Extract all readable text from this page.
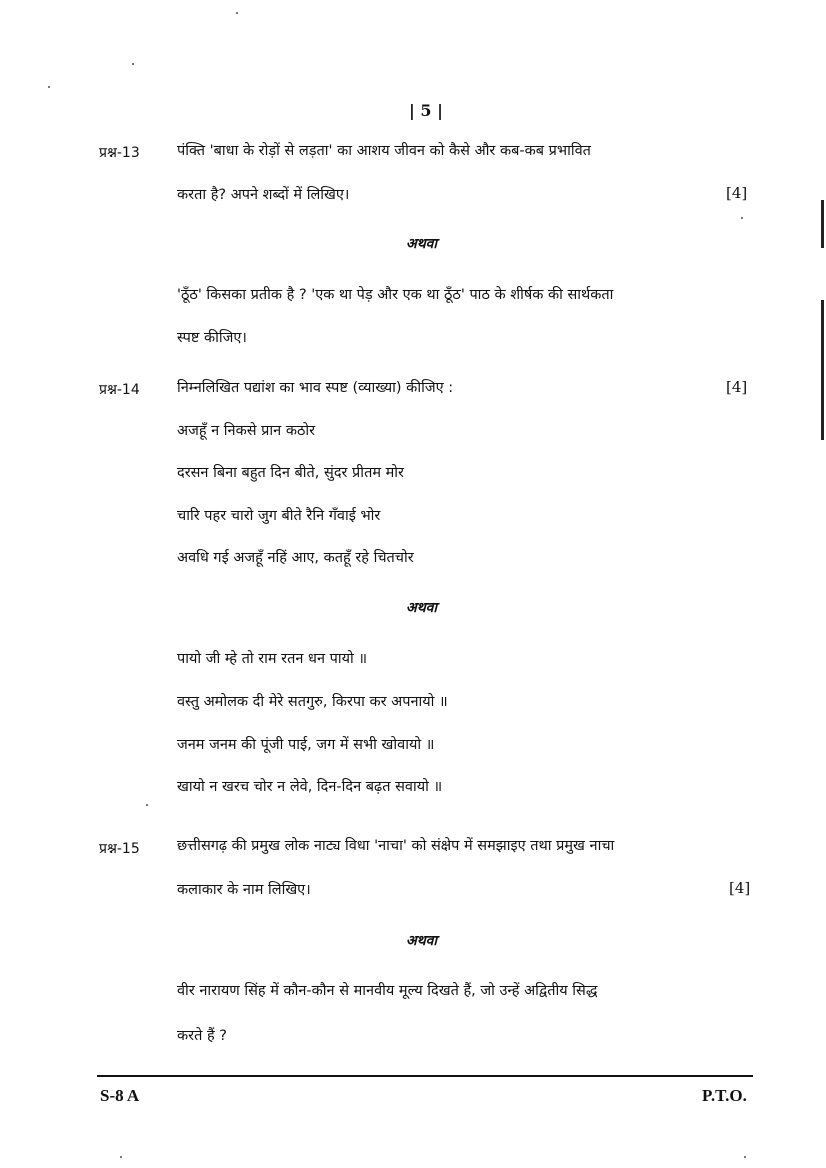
| 5 |
प्रश्न-13	पंक्ति 'बाधा के रोड़ों से लड़ता' का आशय जीवन को कैसे और कब-कब प्रभावित
करता है? अपने शब्दों में लिखिए।	[4]
अथवा
'ठूँठ' किसका प्रतीक है ? 'एक था पेड़ और एक था ठूँठ' पाठ के शीर्षक की सार्थकता
स्पष्ट कीजिए।
प्रश्न-14	निम्नलिखित पद्यांश का भाव स्पष्ट (व्याख्या) कीजिए :	[4]
अजहूँ न निकसे प्रान कठोर
दरसन बिना बहुत दिन बीते, सुंदर प्रीतम मोर
चारि पहर चारो जुग बीते रैनि गँवाई भोर
अवधि गई अजहूँ नहिं आए, कतहूँ रहे चितचोर
अथवा
पायो जी म्हे तो राम रतन धन पायो ॥
वस्तु अमोलक दी मेरे सतगुरु, किरपा कर अपनायो ॥
जनम जनम की पूंजी पाई, जग में सभी खोवायो ॥
खायो न खरच चोर न लेवे, दिन-दिन बढ़त सवायो ॥
प्रश्न-15	छत्तीसगढ़ की प्रमुख लोक नाट्य विधा 'नाचा' को संक्षेप में समझाइए तथा प्रमुख नाचा
कलाकार के नाम लिखिए।	[4]
अथवा
वीर नारायण सिंह में कौन-कौन से मानवीय मूल्य दिखते हैं, जो उन्हें अद्वितीय सिद्ध
करते हैं ?
S-8 A	P.T.O.
